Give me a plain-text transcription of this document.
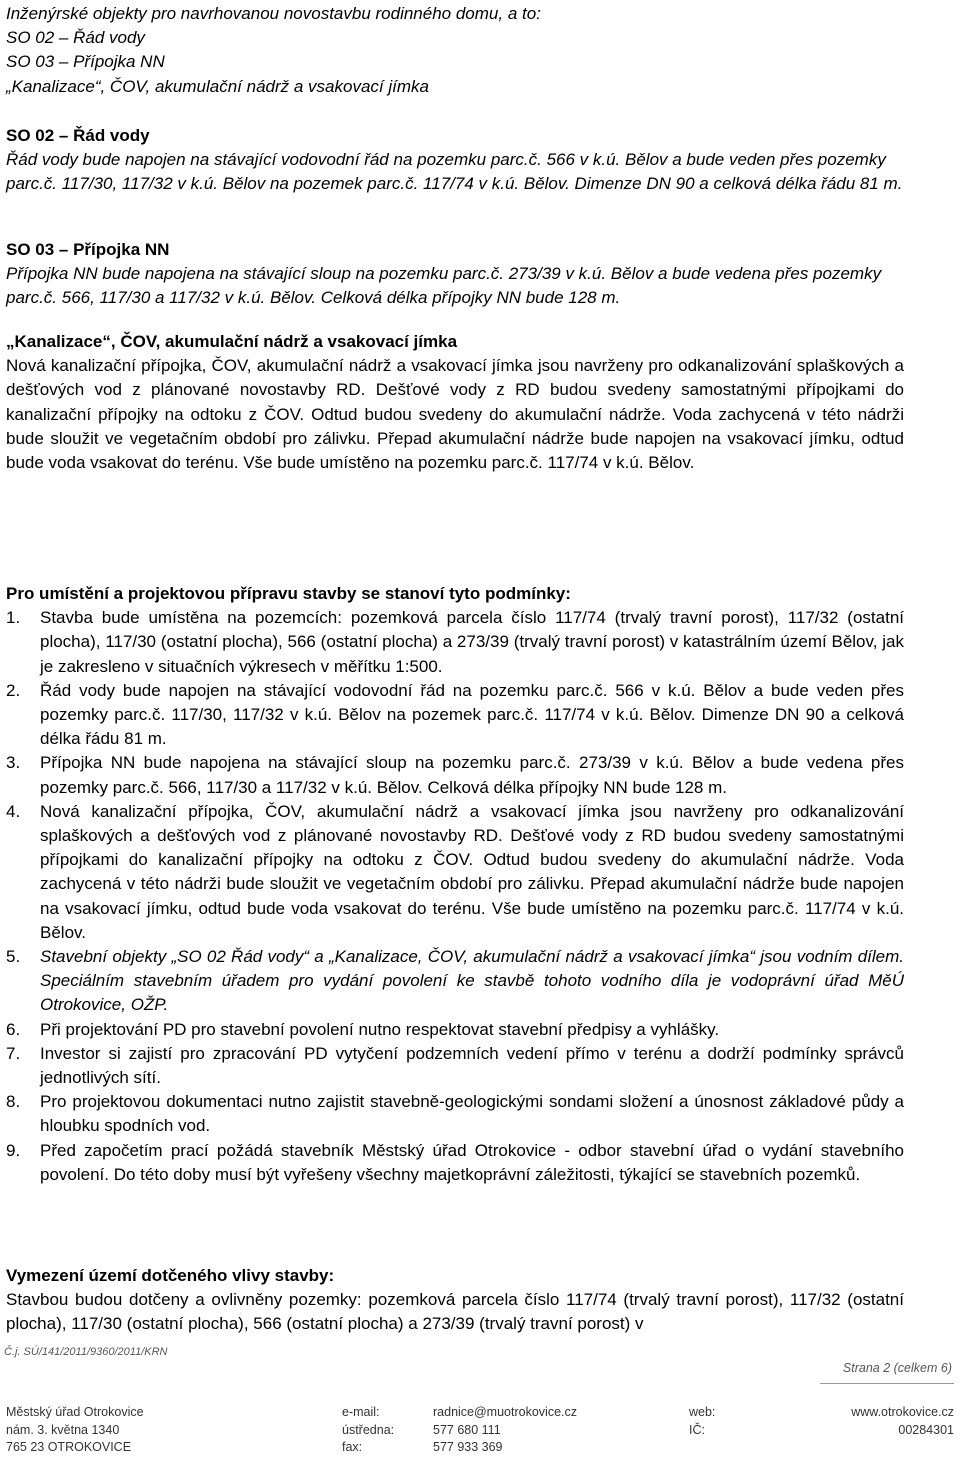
Inženýrské objekty pro navrhovanou novostavbu rodinného domu, a to:

SO 02 – Řád vody

SO 03 – Přípojka NN

„Kanalizace“, ČOV, akumulační nádrž a vsakovací jímka

SO 02 – Řád vody

Řád vody bude napojen na stávající vodovodní řád na pozemku parc.č. 566 v k.ú. Bělov a bude veden přes pozemky parc.č. 117/30, 117/32 v k.ú. Bělov na pozemek parc.č. 117/74 v k.ú. Bělov. Dimenze DN 90 a celková délka řádu 81 m.

SO 03 – Přípojka NN

Přípojka NN bude napojena na stávající sloup na pozemku parc.č. 273/39 v k.ú. Bělov a bude vedena přes pozemky parc.č. 566, 117/30 a 117/32 v k.ú. Bělov. Celková délka přípojky NN bude 128 m.

„Kanalizace“, ČOV, akumulační nádrž a vsakovací jímka

Nová kanalizační přípojka, ČOV, akumulační nádrž a vsakovací jímka jsou navrženy pro odkanalizování splaškových a dešťových vod z plánované novostavby RD. Dešťové vody z RD budou svedeny samostatnými přípojkami do kanalizační přípojky na odtoku z ČOV. Odtud budou svedeny do akumulační nádrže. Voda zachycená v této nádrži bude sloužit ve vegetačním období pro zálivku. Přepad akumulační nádrže bude napojen na vsakovací jímku, odtud bude voda vsakovat do terénu. Vše bude umístěno na pozemku parc.č. 117/74 v k.ú. Bělov.

Pro umístění a projektovou přípravu stavby se stanoví tyto podmínky:

1. Stavba bude umístěna na pozemcích: pozemková parcela číslo 117/74 (trvalý travní porost), 117/32 (ostatní plocha), 117/30 (ostatní plocha), 566 (ostatní plocha) a 273/39 (trvalý travní porost) v katastrálním území Bělov, jak je zakresleno v situačních výkresech v měřítku 1:500.
2. Řád vody bude napojen na stávající vodovodní řád na pozemku parc.č. 566 v k.ú. Bělov a bude veden přes pozemky parc.č. 117/30, 117/32 v k.ú. Bělov na pozemek parc.č. 117/74 v k.ú. Bělov. Dimenze DN 90 a celková délka řádu 81 m.
3. Přípojka NN bude napojena na stávající sloup na pozemku parc.č. 273/39 v k.ú. Bělov a bude vedena přes pozemky parc.č. 566, 117/30 a 117/32 v k.ú. Bělov. Celková délka přípojky NN bude 128 m.
4. Nová kanalizační přípojka, ČOV, akumulační nádrž a vsakovací jímka jsou navrženy pro odkanalizování splaškových a dešťových vod z plánované novostavby RD. Dešťové vody z RD budou svedeny samostatnými přípojkami do kanalizační přípojky na odtoku z ČOV. Odtud budou svedeny do akumulační nádrže. Voda zachycená v této nádrži bude sloužit ve vegetačním období pro zálivku. Přepad akumulační nádrže bude napojen na vsakovací jímku, odtud bude voda vsakovat do terénu. Vše bude umístěno na pozemku parc.č. 117/74 v k.ú. Bělov.
5. Stavební objekty „SO 02 Řád vody“ a „Kanalizace, ČOV, akumulační nádrž a vsakovací jímka“ jsou vodním dílem. Speciálním stavebním úřadem pro vydání povolení ke stavbě tohoto vodního díla je vodoprávní úřad MěÚ Otrokovice, OŽP.
6. Při projektování PD pro stavební povolení nutno respektovat stavební předpisy a vyhlášky.
7. Investor si zajistí pro zpracování PD vytyčení podzemních vedení přímo v terénu a dodrží podmínky správců jednotlivých sítí.
8. Pro projektovou dokumentaci nutno zajistit stavebně-geologickými sondami složení a únosnost základové půdy a hloubku spodních vod.
9. Před započetím prací požádá stavebník Městský úřad Otrokovice - odbor stavební úřad o vydání stavebního povolení. Do této doby musí být vyřešeny všechny majetkoprávní záležitosti, týkající se stavebních pozemků.

Vymezení území dotčeného vlivy stavby:

Stavbou budou dotčeny a ovlivněny pozemky: pozemková parcela číslo 117/74 (trvalý travní porost), 117/32 (ostatní plocha), 117/30 (ostatní plocha), 566 (ostatní plocha) a 273/39 (trvalý travní porost) v

Č.j. SÚ/141/2011/9360/2011/KRN
Strana 2 (celkem 6)
Městský úřad Otrokovice
nám. 3. května 1340
765 23 OTROKOVICE
e-mail:
ústředna:
fax:
radnice@muotrokovice.cz
577 680 111
577 933 369
web:
IČ:
www.otrokovice.cz
00284301
